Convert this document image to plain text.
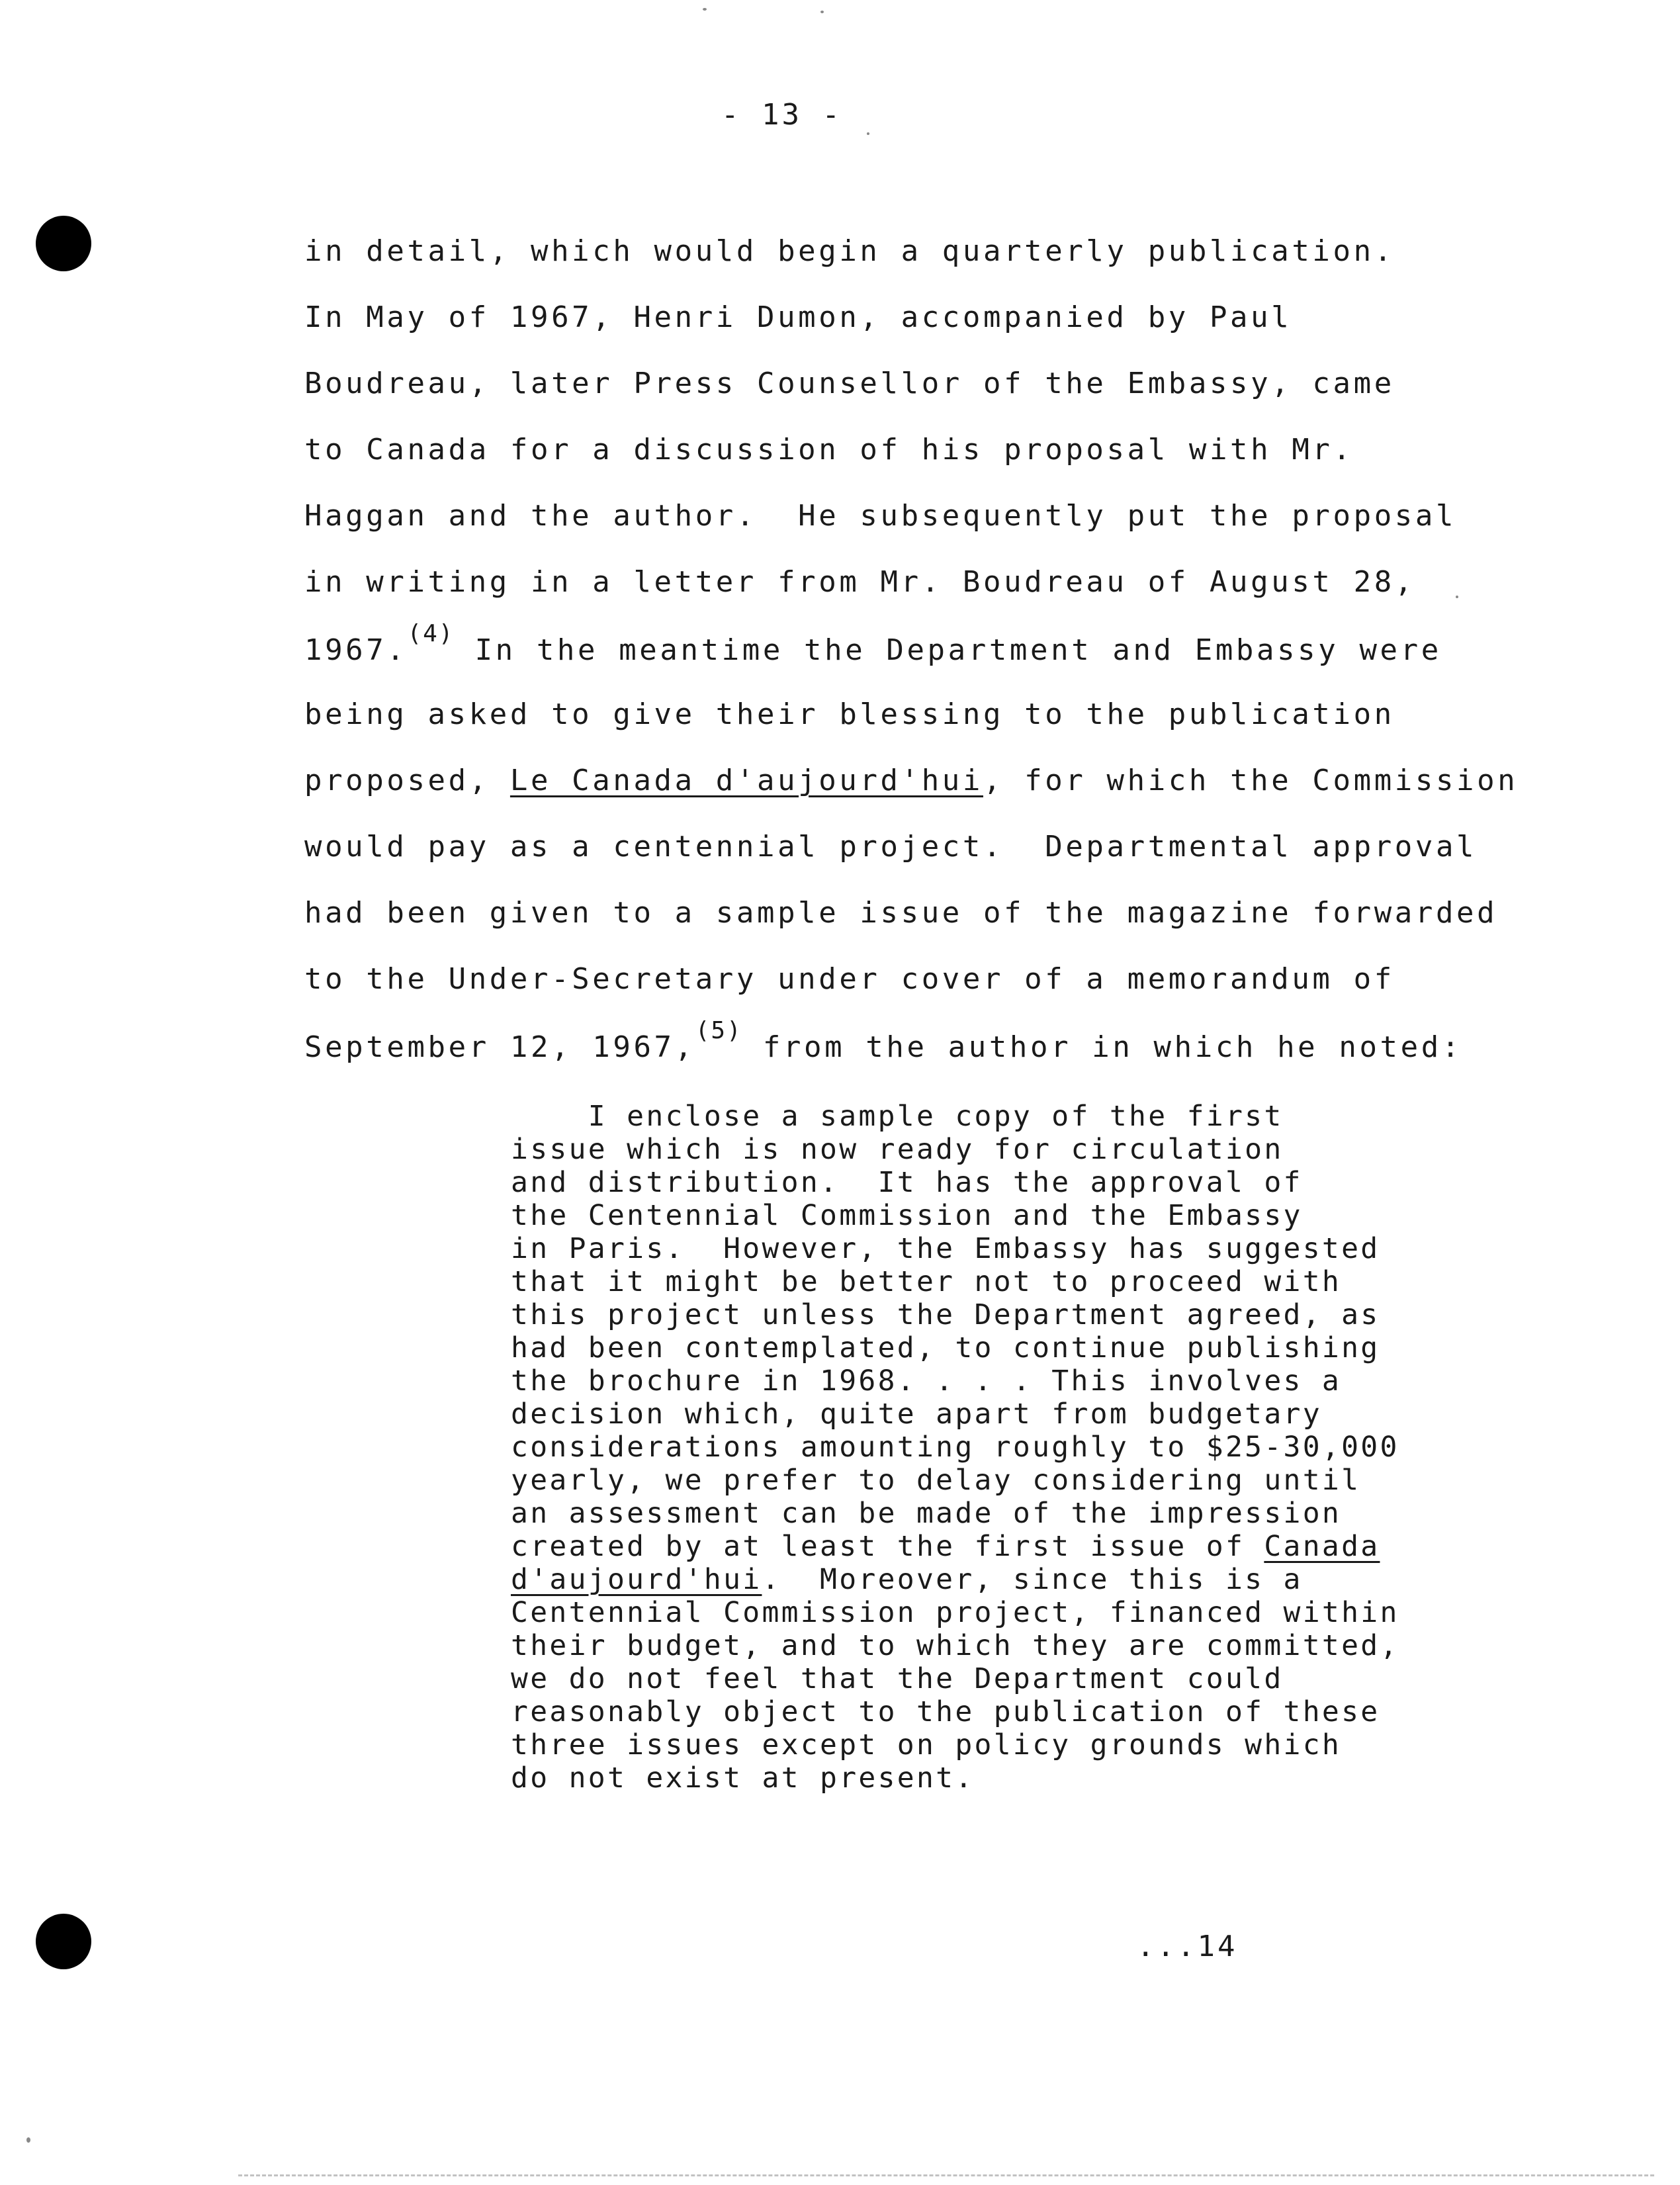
- 13 -
in detail, which would begin a quarterly publication.
In May of 1967, Henri Dumon, accompanied by Paul
Boudreau, later Press Counsellor of the Embassy, came
to Canada for a discussion of his proposal with Mr.
Haggan and the author.  He subsequently put the proposal
in writing in a letter from Mr. Boudreau of August 28,
1967.$^{(4)}$ In the meantime the Department and Embassy were
being asked to give their blessing to the publication
proposed, Le Canada d'aujourd'hui, for which the Commission
would pay as a centennial project.  Departmental approval
had been given to a sample issue of the magazine forwarded
to the Under-Secretary under cover of a memorandum of
September 12, 1967,$^{(5)}$ from the author in which he noted:
I enclose a sample copy of the first
issue which is now ready for circulation
and distribution.  It has the approval of
the Centennial Commission and the Embassy
in Paris.  However, the Embassy has suggested
that it might be better not to proceed with
this project unless the Department agreed, as
had been contemplated, to continue publishing
the brochure in 1968. . . . This involves a
decision which, quite apart from budgetary
considerations amounting roughly to $25-30,000
yearly, we prefer to delay considering until
an assessment can be made of the impression
created by at least the first issue of Canada
d'aujourd'hui.  Moreover, since this is a
Centennial Commission project, financed within
their budget, and to which they are committed,
we do not feel that the Department could
reasonably object to the publication of these
three issues except on policy grounds which
do not exist at present.
...14
